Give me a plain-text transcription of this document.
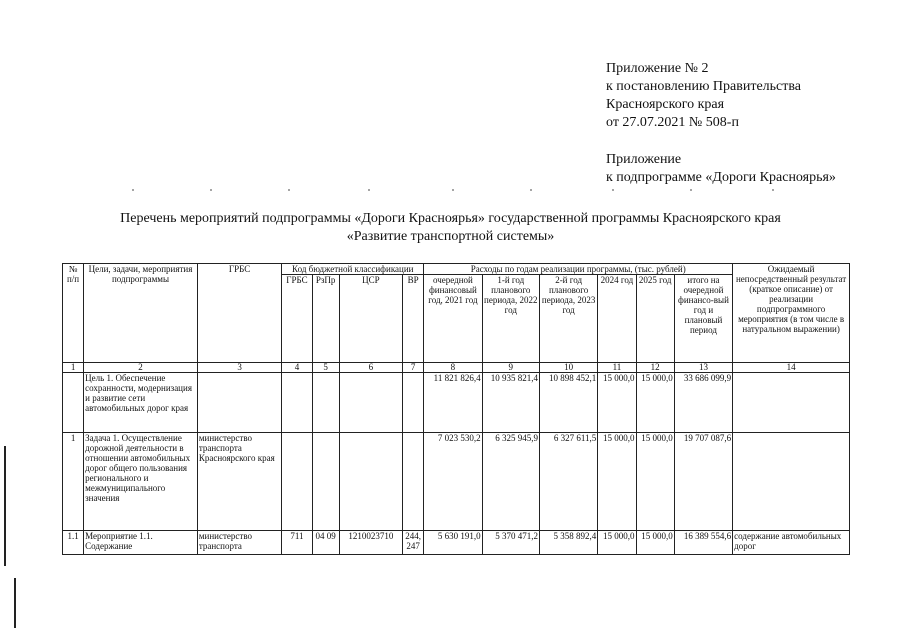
Приложение № 2
к постановлению Правительства
Красноярского края
от 27.07.2021 № 508-п
Приложение
к подпрограмме «Дороги Красноярья»
Перечень мероприятий подпрограммы «Дороги Красноярья» государственной программы Красноярского края
«Развитие транспортной системы»
№ п/п	Цели, задачи, мероприятия подпрограммы	ГРБС	Код бюджетной классификации				Расходы по годам реализации программы, (тыс. рублей)						Ожидаемый непосредственный результат (краткое описание) от реализации подпрограммного мероприятия (в том числе в натуральном выражении)
			ГРБС	РзПр	ЦСР	ВР	очередной финансовый год, 2021 год	1-й год планового периода, 2022 год	2-й год планового периода, 2023 год	2024 год	2025 год	итого на очередной финансо-вый год и плановый период	
1	2	3	4	5	6	7	8	9	10	11	12	13	14
	Цель 1. Обеспечение сохранности, модернизация и развитие сети автомобильных дорог края						11 821 826,4	10 935 821,4	10 898 452,1	15 000,0	15 000,0	33 686 099,9	
1	Задача 1. Осуществление дорожной деятельности в отношении автомобильных дорог общего пользования регионального и межмуниципального значения	министерство транспорта Красноярского края					7 023 530,2	6 325 945,9	6 327 611,5	15 000,0	15 000,0	19 707 087,6	
1.1	Мероприятие 1.1. Содержание	министерство транспорта	711	04 09	1210023710	244, 247	5 630 191,0	5 370 471,2	5 358 892,4	15 000,0	15 000,0	16 389 554,6	содержание автомобильных дорог
